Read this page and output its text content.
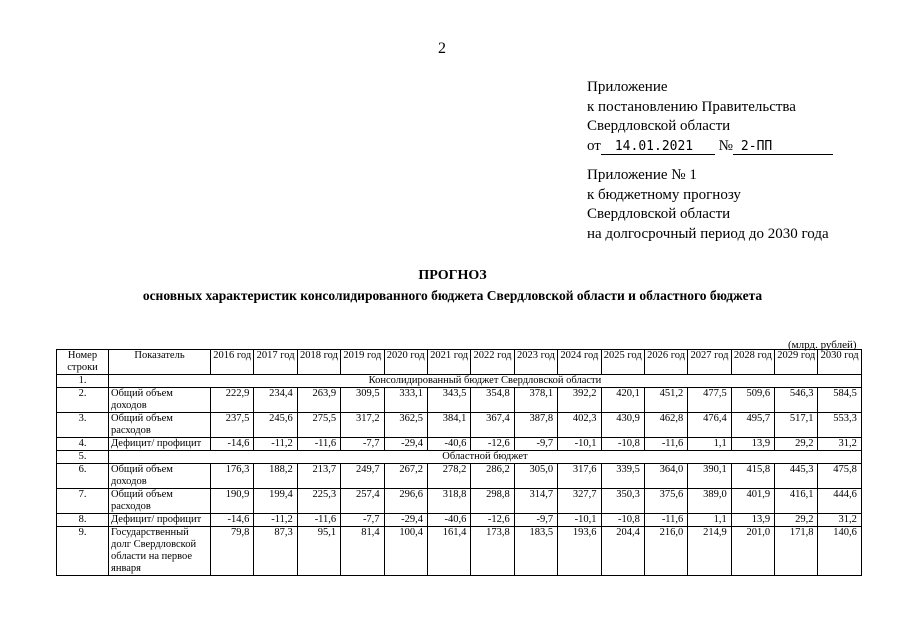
2
Приложение
к постановлению Правительства
Свердловской области
от 14.01.2021 № 2-ПП
Приложение № 1
к бюджетному прогнозу
Свердловской области
на долгосрочный период до 2030 года
ПРОГНОЗ
основных характеристик консолидированного бюджета Свердловской области и областного бюджета
(млрд. рублей)
Номер строки	Показатель	2016 год	2017 год	2018 год	2019 год	2020 год	2021 год	2022 год	2023 год	2024 год	2025 год	2026 год	2027 год	2028 год	2029 год	2030 год
1.	Консолидированный бюджет Свердловской области															
2.	Общий объем доходов	222,9	234,4	263,9	309,5	333,1	343,5	354,8	378,1	392,2	420,1	451,2	477,5	509,6	546,3	584,5
3.	Общий объем расходов	237,5	245,6	275,5	317,2	362,5	384,1	367,4	387,8	402,3	430,9	462,8	476,4	495,7	517,1	553,3
4.	Дефицит/ профицит	-14,6	-11,2	-11,6	-7,7	-29,4	-40,6	-12,6	-9,7	-10,1	-10,8	-11,6	1,1	13,9	29,2	31,2
5.	Областной бюджет															
6.	Общий объем доходов	176,3	188,2	213,7	249,7	267,2	278,2	286,2	305,0	317,6	339,5	364,0	390,1	415,8	445,3	475,8
7.	Общий объем расходов	190,9	199,4	225,3	257,4	296,6	318,8	298,8	314,7	327,7	350,3	375,6	389,0	401,9	416,1	444,6
8.	Дефицит/ профицит	-14,6	-11,2	-11,6	-7,7	-29,4	-40,6	-12,6	-9,7	-10,1	-10,8	-11,6	1,1	13,9	29,2	31,2
9.	Государственный долг Свердловской области на первое января	79,8	87,3	95,1	81,4	100,4	161,4	173,8	183,5	193,6	204,4	216,0	214,9	201,0	171,8	140,6
